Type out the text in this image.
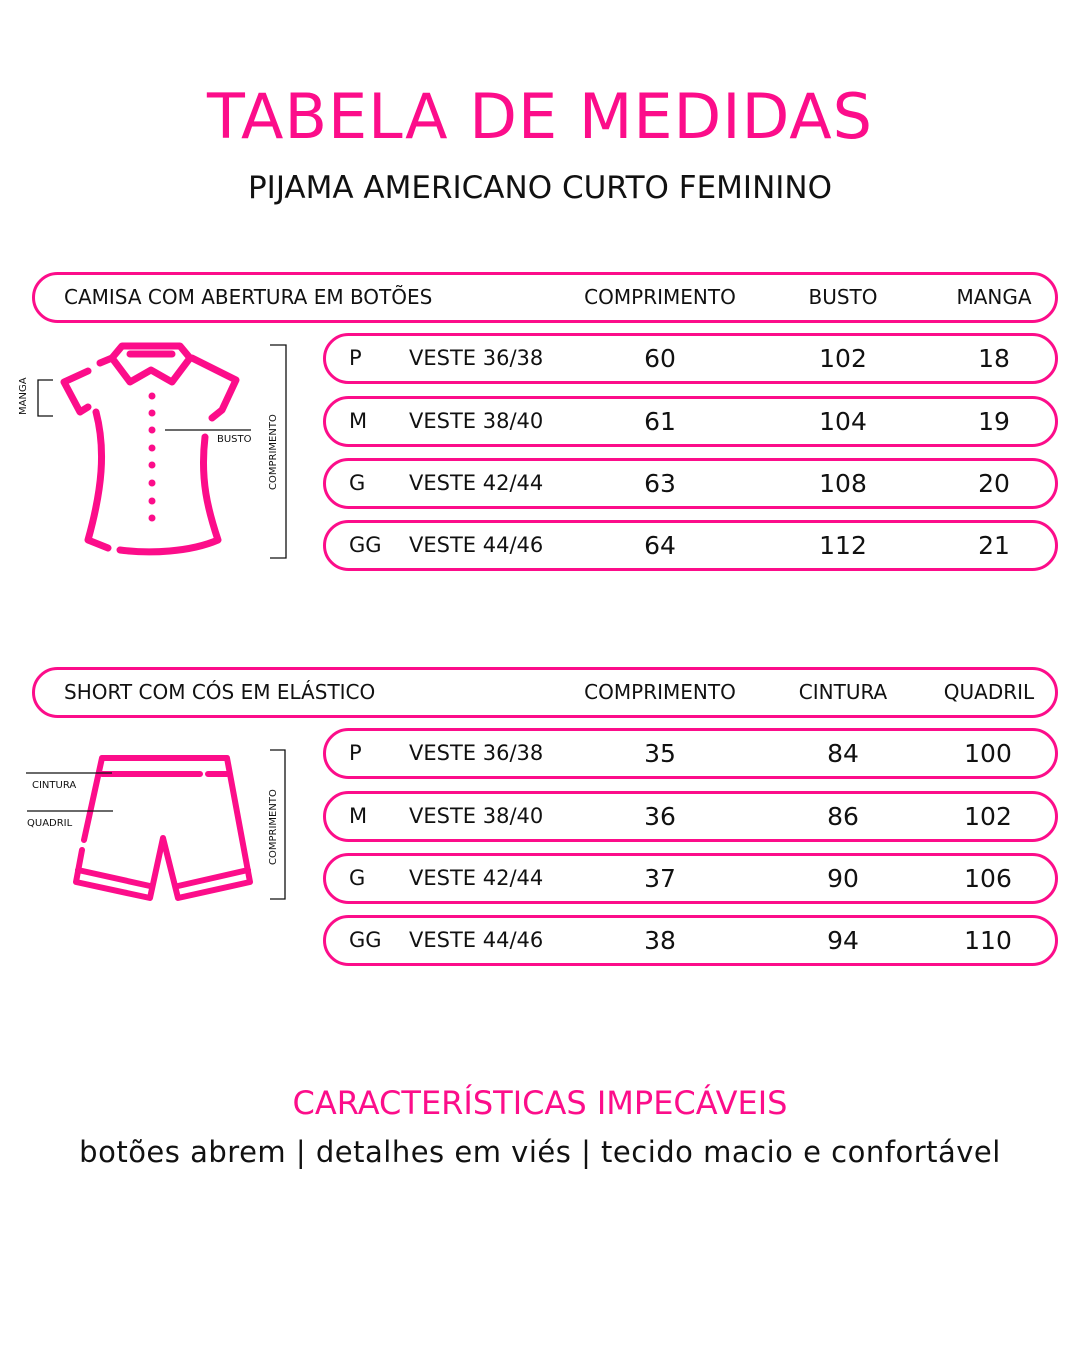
TABELA DE MEDIDAS
PIJAMA AMERICANO CURTO FEMININO
CAMISA COM ABERTURA EM BOTÕES	COMPRIMENTO	BUSTO	MANGA
P VESTE 36/38	60	102	18
M VESTE 38/40	61	104	19
G VESTE 42/44	63	108	20
GG VESTE 44/46	64	112	21
MANGA
BUSTO COMPRIMENTO
SHORT COM CÓS EM ELÁSTICO	COMPRIMENTO	CINTURA	QUADRIL
P VESTE 36/38	35	84	100
M VESTE 38/40	36	86	102
G VESTE 42/44	37	90	106
GG VESTE 44/46	38	94	110
CINTURA
QUADRIL	COMPRIMENTO
CARACTERÍSTICAS IMPECÁVEIS
botões abrem | detalhes em viés | tecido macio e confortável
